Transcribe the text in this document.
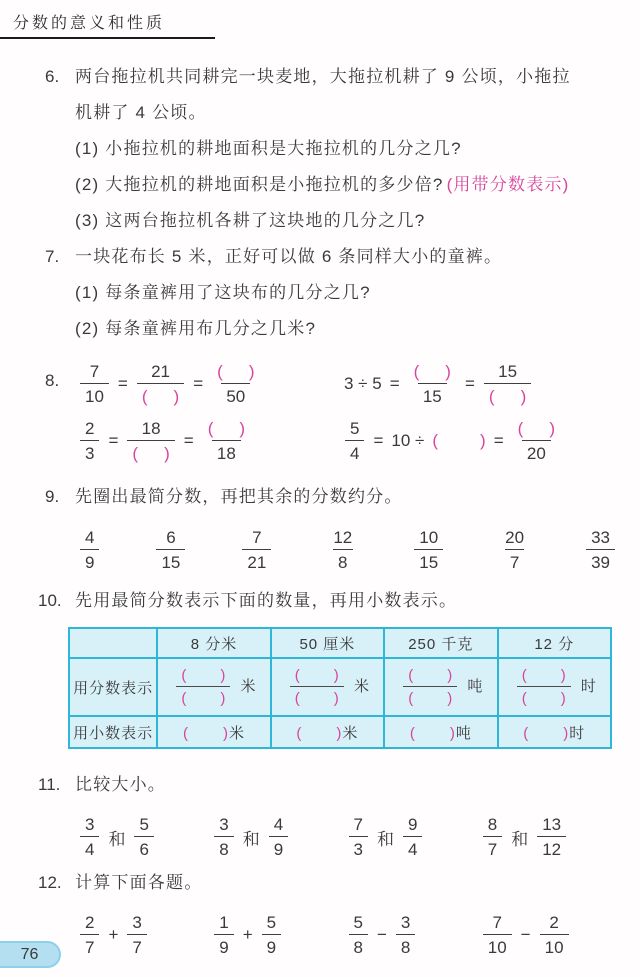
分数的意义和性质
6. 两台拖拉机共同耕完一块麦地，大拖拉机耕了 9 公顷，小拖拉
机耕了 4 公顷。
(1) 小拖拉机的耕地面积是大拖拉机的几分之几?
(2) 大拖拉机的耕地面积是小拖拉机的多少倍? (用带分数表示)
(3) 这两台拖拉机各耕了这块地的几分之几?
7. 一块花布长 5 米，正好可以做 6 条同样大小的童裤。
(1) 每条童裤用了这块布的几分之几?
(2) 每条童裤用布几分之几米?
8. $\frac{7}{10} = \frac{21}{( )} = \frac{( )}{50}$	$3 \div 5 = \frac{( )}{15} = \frac{15}{( )}$
$\frac{2}{3} = \frac{18}{( )} = \frac{( )}{18}$	$\frac{5}{4} = 10$ ÷ ( ) = $\frac{( )}{20}$
9. 先圈出最简分数，再把其余的分数约分。
$\frac{4}{9}$	$\frac{6}{15}$	$\frac{7}{21}$	$\frac{12}{8}$	$\frac{10}{15}$	$\frac{20}{7}$	$\frac{33}{39}$
10. 先用最简分数表示下面的数量，再用小数表示。
	8 分米	50 厘米	250 千克	12 分
用分数表示	$\frac{( )}{( )}$ 米	$\frac{( )}{( )}$ 米	$\frac{( )}{( )}$ 吨	$\frac{( )}{( )}$ 时
用小数表示	( )米	( )米	( )吨	( )时
11. 比较大小。
$\frac{3}{4}$ 和 $\frac{5}{6}$	$\frac{3}{8}$ 和 $\frac{4}{9}$	$\frac{7}{3}$ 和 $\frac{9}{4}$	$\frac{8}{7}$ 和 $\frac{13}{12}$
12. 计算下面各题。
$\frac{2}{7} + \frac{3}{7}$	$\frac{1}{9} + \frac{5}{9}$	$\frac{5}{8} - \frac{3}{8}$	$\frac{7}{10} - \frac{2}{10}$
76
